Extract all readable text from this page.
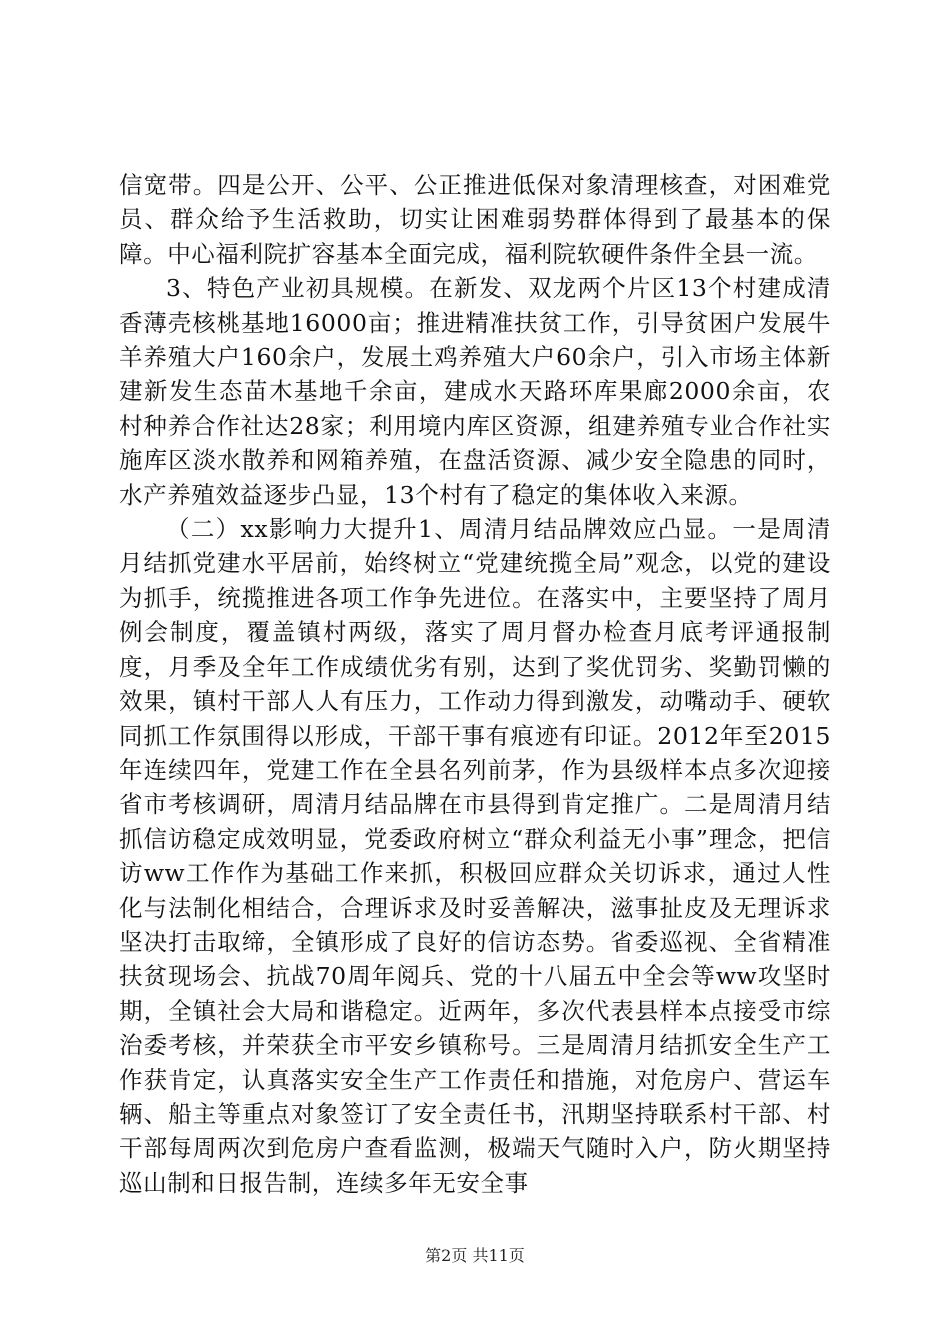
信宽带。四是公开、公平、公正推进低保对象清理核查，对困难党员、群众给予生活救助，切实让困难弱势群体得到了最基本的保障。中心福利院扩容基本全面完成，福利院软硬件条件全县一流。

3、特色产业初具规模。在新发、双龙两个片区13个村建成清香薄壳核桃基地16000亩；推进精准扶贫工作，引导贫困户发展牛羊养殖大户160余户，发展土鸡养殖大户60余户，引入市场主体新建新发生态苗木基地千余亩，建成水天路环库果廊2000余亩，农村种养合作社达28家；利用境内库区资源，组建养殖专业合作社实施库区淡水散养和网箱养殖，在盘活资源、减少安全隐患的同时，水产养殖效益逐步凸显，13个村有了稳定的集体收入来源。

（二）xx影响力大提升1、周清月结品牌效应凸显。一是周清月结抓党建水平居前，始终树立“党建统揽全局”观念，以党的建设为抓手，统揽推进各项工作争先进位。在落实中，主要坚持了周月例会制度，覆盖镇村两级，落实了周月督办检查月底考评通报制度，月季及全年工作成绩优劣有别，达到了奖优罚劣、奖勤罚懒的效果，镇村干部人人有压力，工作动力得到激发，动嘴动手、硬软同抓工作氛围得以形成，干部干事有痕迹有印证。2012年至2015年连续四年，党建工作在全县名列前茅，作为县级样本点多次迎接省市考核调研，周清月结品牌在市县得到肯定推广。二是周清月结抓信访稳定成效明显，党委政府树立“群众利益无小事”理念，把信访ww工作作为基础工作来抓，积极回应群众关切诉求，通过人性化与法制化相结合，合理诉求及时妥善解决，滋事扯皮及无理诉求坚决打击取缔，全镇形成了良好的信访态势。省委巡视、全省精准扶贫现场会、抗战70周年阅兵、党的十八届五中全会等ww攻坚时期，全镇社会大局和谐稳定。近两年，多次代表县样本点接受市综治委考核，并荣获全市平安乡镇称号。三是周清月结抓安全生产工作获肯定，认真落实安全生产工作责任和措施，对危房户、营运车辆、船主等重点对象签订了安全责任书，汛期坚持联系村干部、村干部每周两次到危房户查看监测，极端天气随时入户，防火期坚持巡山制和日报告制，连续多年无安全事

第2页 共11页
